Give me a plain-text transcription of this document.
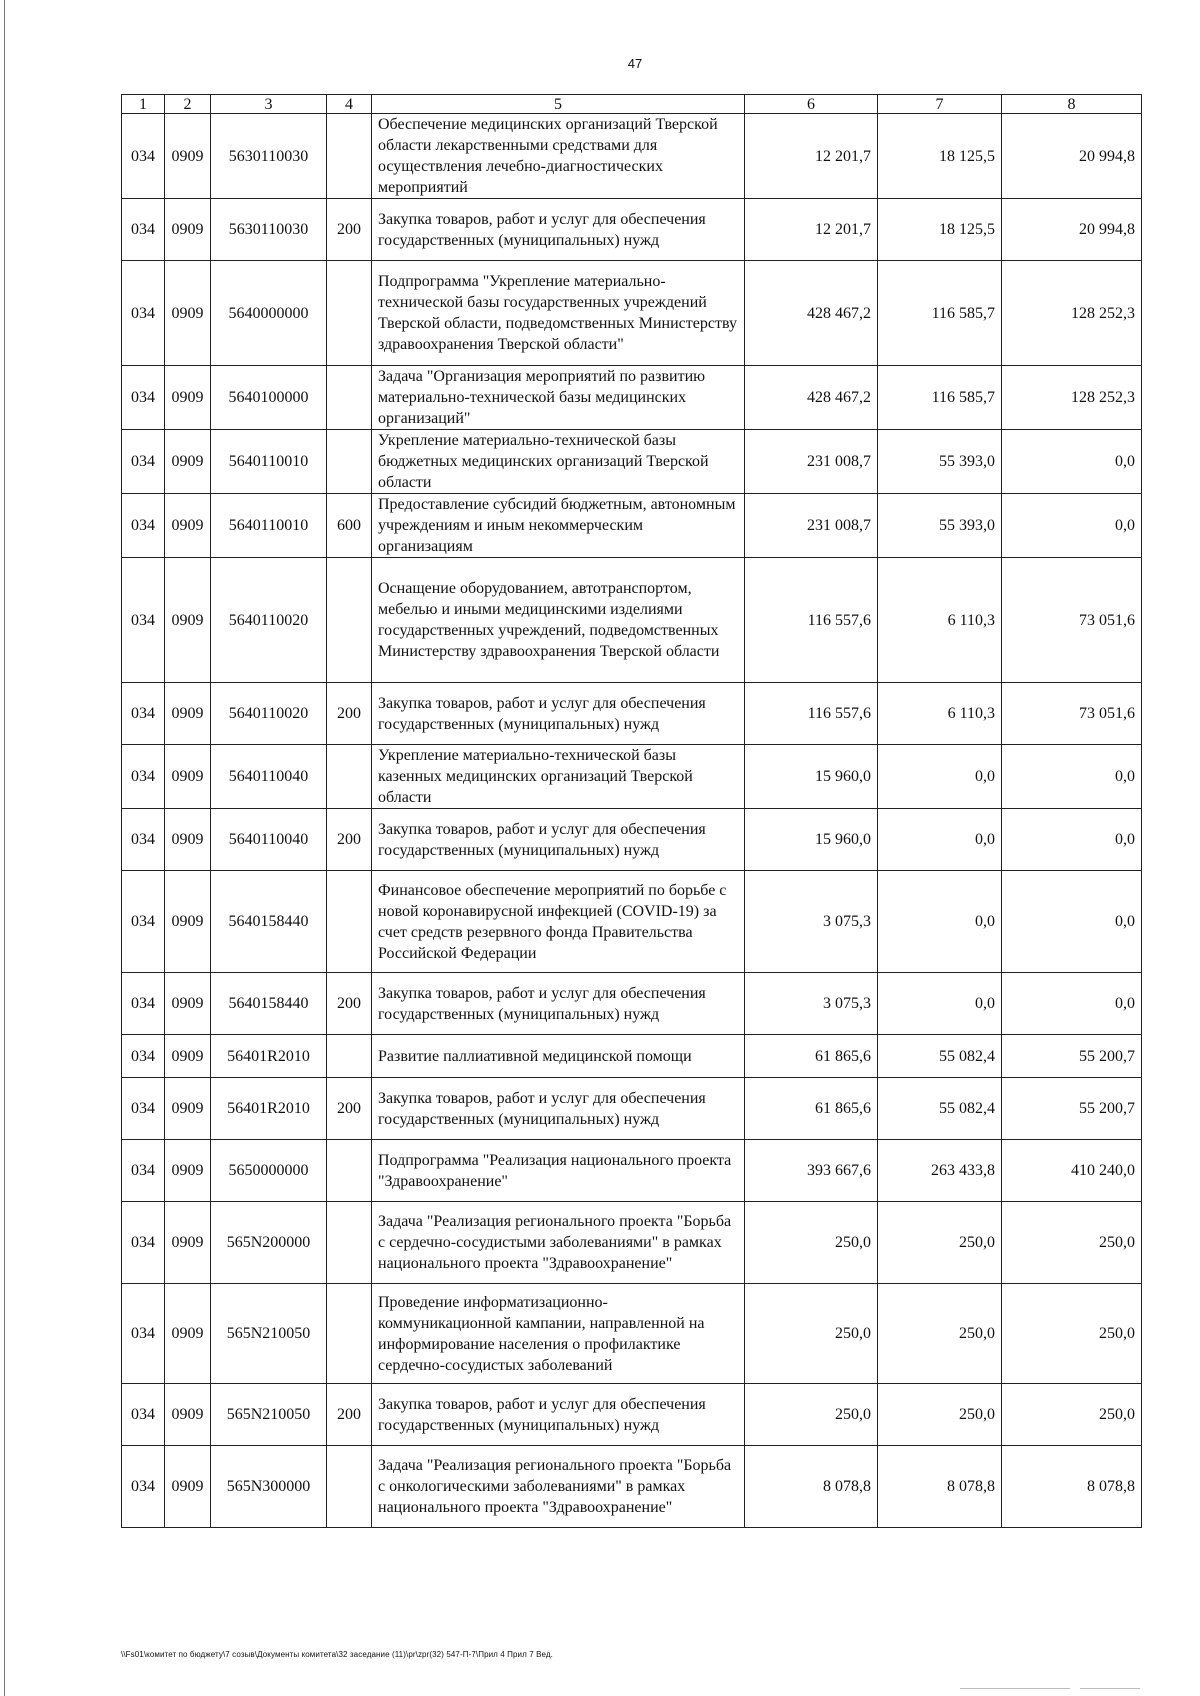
47
1	2	3	4	5	6	7	8
034	0909	5630110030		Обеспечение медицинских организаций Тверской области лекарственными средствами для осуществления лечебно-диагностических мероприятий	12 201,7	18 125,5	20 994,8
034	0909	5630110030	200	Закупка товаров, работ и услуг для обеспечения государственных (муниципальных) нужд	12 201,7	18 125,5	20 994,8
034	0909	5640000000		Подпрограмма "Укрепление материально-технической базы государственных учреждений Тверской области, подведомственных Министерству здравоохранения Тверской области"	428 467,2	116 585,7	128 252,3
034	0909	5640100000		Задача "Организация мероприятий по развитию материально-технической базы медицинских организаций"	428 467,2	116 585,7	128 252,3
034	0909	5640110010		Укрепление материально-технической базы бюджетных медицинских организаций Тверской области	231 008,7	55 393,0	0,0
034	0909	5640110010	600	Предоставление субсидий бюджетным, автономным учреждениям и иным некоммерческим организациям	231 008,7	55 393,0	0,0
034	0909	5640110020		Оснащение оборудованием, автотранспортом, мебелью и иными медицинскими изделиями государственных учреждений, подведомственных Министерству здравоохранения Тверской области	116 557,6	6 110,3	73 051,6
034	0909	5640110020	200	Закупка товаров, работ и услуг для обеспечения государственных (муниципальных) нужд	116 557,6	6 110,3	73 051,6
034	0909	5640110040		Укрепление материально-технической базы казенных медицинских организаций Тверской области	15 960,0	0,0	0,0
034	0909	5640110040	200	Закупка товаров, работ и услуг для обеспечения государственных (муниципальных) нужд	15 960,0	0,0	0,0
034	0909	5640158440		Финансовое обеспечение мероприятий по борьбе с новой коронавирусной инфекцией (COVID-19) за счет средств резервного фонда Правительства Российской Федерации	3 075,3	0,0	0,0
034	0909	5640158440	200	Закупка товаров, работ и услуг для обеспечения государственных (муниципальных) нужд	3 075,3	0,0	0,0
034	0909	56401R2010		Развитие паллиативной медицинской помощи	61 865,6	55 082,4	55 200,7
034	0909	56401R2010	200	Закупка товаров, работ и услуг для обеспечения государственных (муниципальных) нужд	61 865,6	55 082,4	55 200,7
034	0909	5650000000		Подпрограмма "Реализация национального проекта "Здравоохранение"	393 667,6	263 433,8	410 240,0
034	0909	565N200000		Задача "Реализация регионального проекта "Борьба с сердечно-сосудистыми заболеваниями" в рамках национального проекта "Здравоохранение"	250,0	250,0	250,0
034	0909	565N210050		Проведение информатизационно-коммуникационной кампании, направленной на информирование населения о профилактике сердечно-сосудистых заболеваний	250,0	250,0	250,0
034	0909	565N210050	200	Закупка товаров, работ и услуг для обеспечения государственных (муниципальных) нужд	250,0	250,0	250,0
034	0909	565N300000		Задача "Реализация регионального проекта "Борьба с онкологическими заболеваниями" в рамках национального проекта "Здравоохранение"	8 078,8	8 078,8	8 078,8
\\Fs01\комитет по бюджету\7 созыв\Документы комитета\32 заседание (11)\pr\zpr(32) 547-П-7\Прил 4 Прил 7 Вед.
